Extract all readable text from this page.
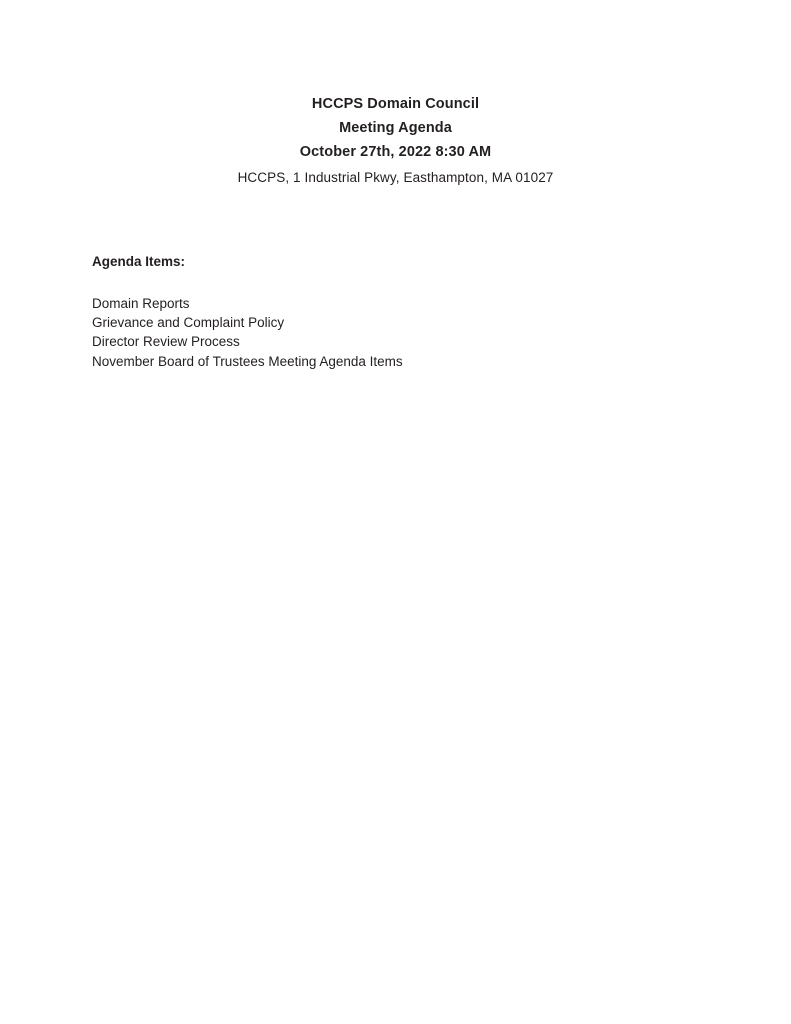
HCCPS Domain Council
Meeting Agenda
October 27th, 2022 8:30 AM
HCCPS, 1 Industrial Pkwy, Easthampton, MA 01027
Agenda Items:
Domain Reports
Grievance and Complaint Policy
Director Review Process
November Board of Trustees Meeting Agenda Items
